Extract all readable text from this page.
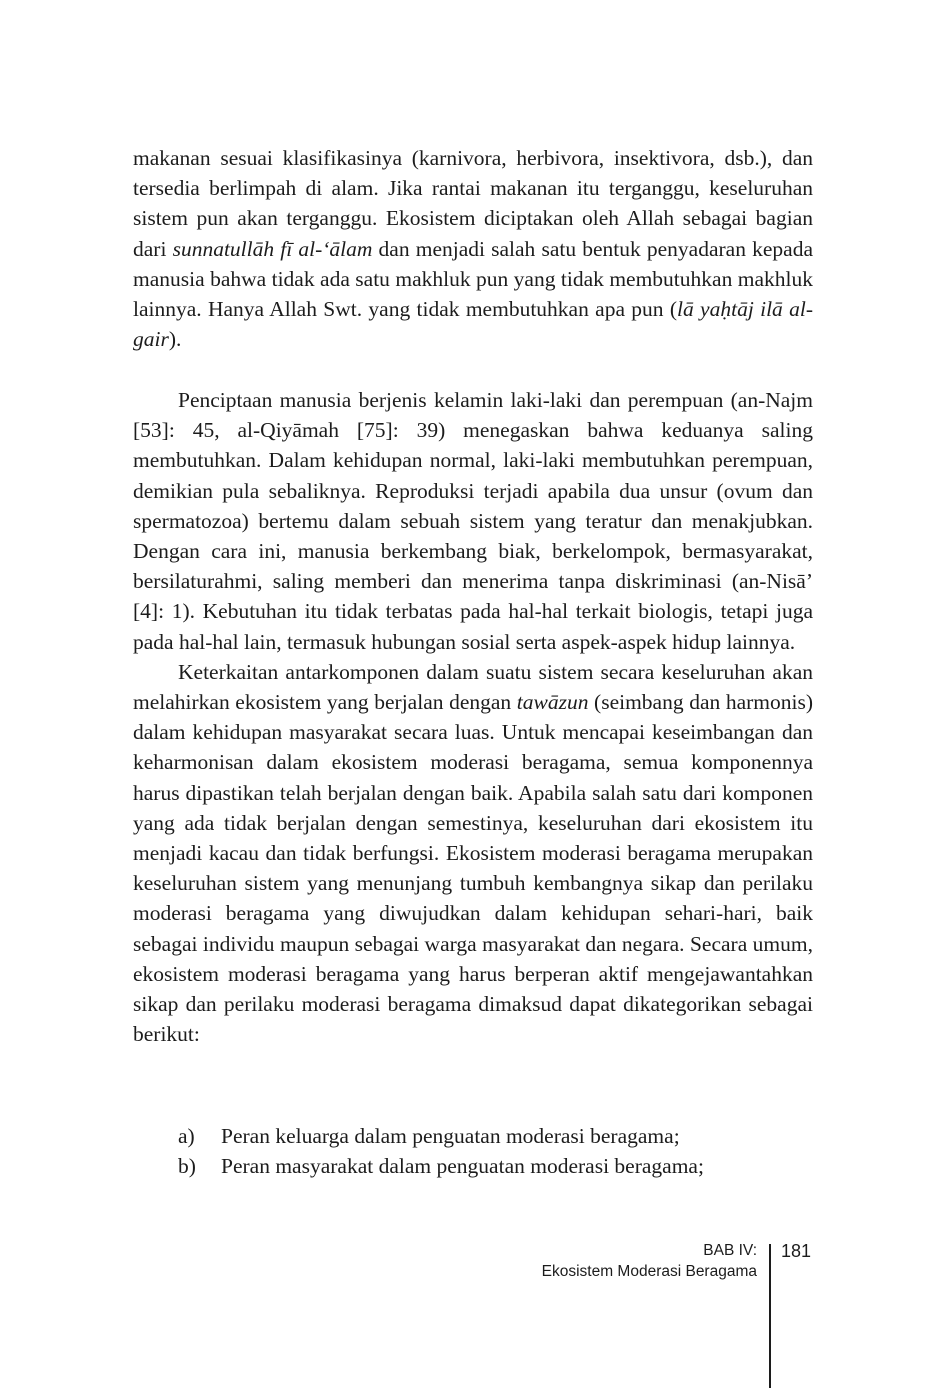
makanan sesuai klasifikasinya (karnivora, herbivora, insektivora, dsb.), dan tersedia berlimpah di alam. Jika rantai makanan itu terganggu, keseluruhan sistem pun akan terganggu. Ekosistem diciptakan oleh Allah sebagai bagian dari sunnatullāh fī al-‘ālam dan menjadi salah satu bentuk penyadaran kepada manusia bahwa tidak ada satu makhluk pun yang tidak membutuhkan makhluk lainnya. Hanya Allah Swt. yang tidak membutuhkan apa pun (lā yaḥtāj ilā al-gair).

Penciptaan manusia berjenis kelamin laki-laki dan perempuan (an-Najm [53]: 45, al-Qiyāmah [75]: 39) menegaskan bahwa keduanya saling membutuhkan. Dalam kehidupan normal, laki-laki membutuhkan perempuan, demikian pula sebaliknya. Reproduksi terjadi apabila dua unsur (ovum dan spermatozoa) bertemu dalam sebuah sistem yang teratur dan menakjubkan. Dengan cara ini, manusia berkembang biak, berkelompok, bermasyarakat, bersilaturahmi, saling memberi dan menerima tanpa diskriminasi (an-Nisā’ [4]: 1). Kebutuhan itu tidak terbatas pada hal-hal terkait biologis, tetapi juga pada hal-hal lain, termasuk hubungan sosial serta aspek-aspek hidup lainnya.

Keterkaitan antarkomponen dalam suatu sistem secara keseluruhan akan melahirkan ekosistem yang berjalan dengan tawāzun (seimbang dan harmonis) dalam kehidupan masyarakat secara luas. Untuk mencapai keseimbangan dan keharmonisan dalam ekosistem moderasi beragama, semua komponennya harus dipastikan telah berjalan dengan baik. Apabila salah satu dari komponen yang ada tidak berjalan dengan semestinya, keseluruhan dari ekosistem itu menjadi kacau dan tidak berfungsi. Ekosistem moderasi beragama merupakan keseluruhan sistem yang menunjang tumbuh kembangnya sikap dan perilaku moderasi beragama yang diwujudkan dalam kehidupan sehari-hari, baik sebagai individu maupun sebagai warga masyarakat dan negara. Secara umum, ekosistem moderasi beragama yang harus berperan aktif mengejawantahkan sikap dan perilaku moderasi beragama dimaksud dapat dikategorikan sebagai berikut:

a)	Peran keluarga dalam penguatan moderasi beragama;
b)	Peran masyarakat dalam penguatan moderasi beragama;
BAB IV:
Ekosistem Moderasi Beragama
181
